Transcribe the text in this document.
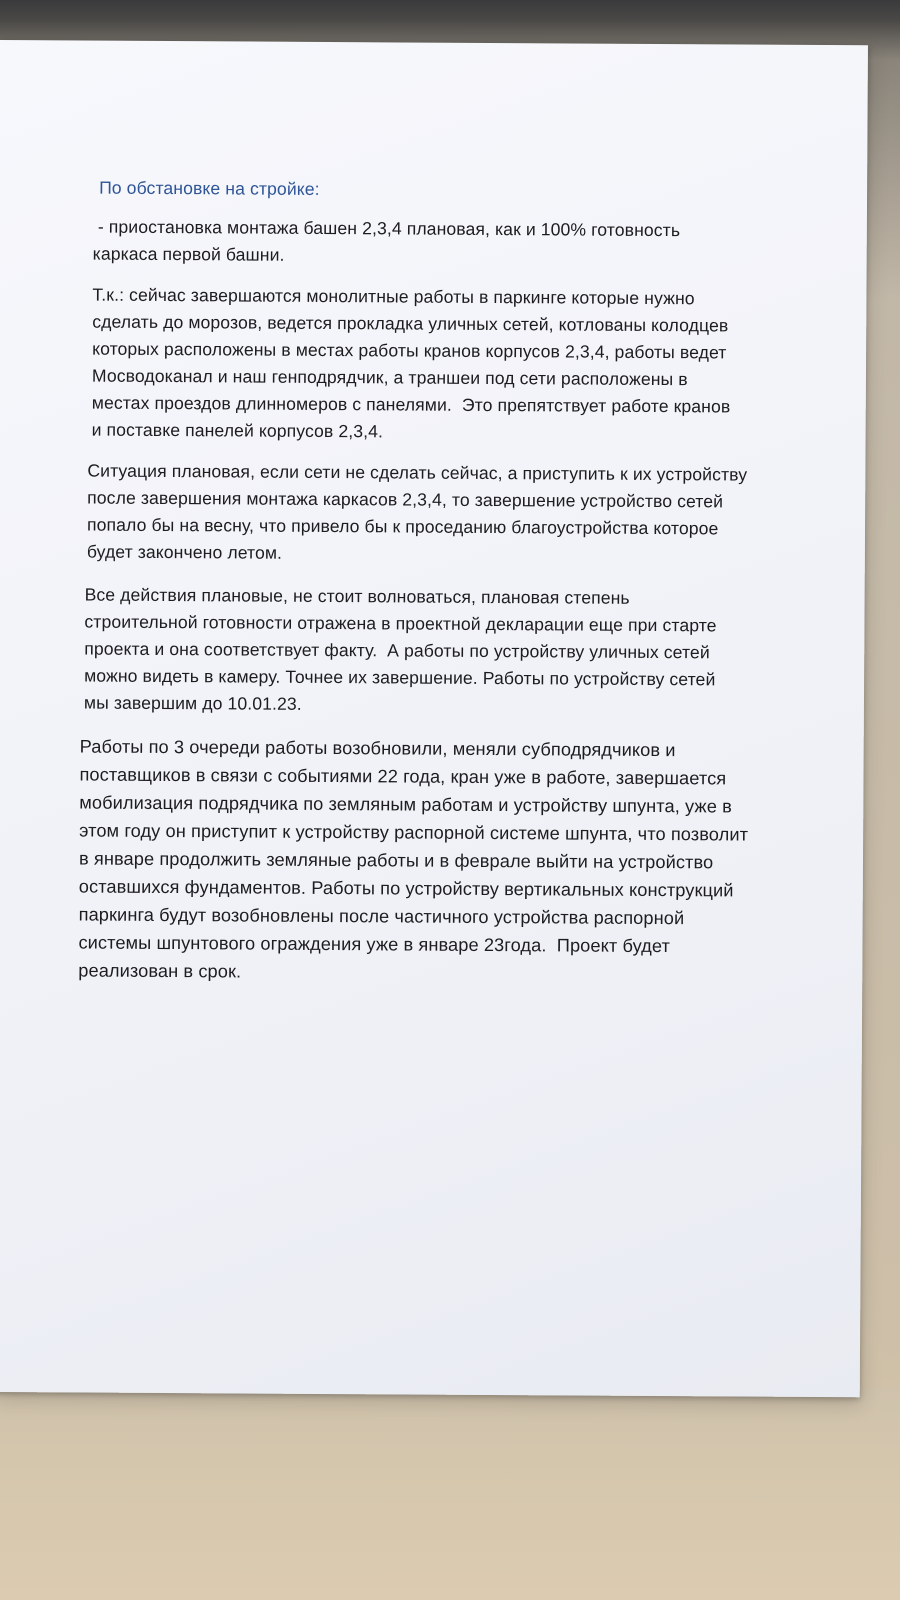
По обстановке на стройке:
- приостановка монтажа башен 2,3,4 плановая, как и 100% готовность
каркаса первой башни.
Т.к.: сейчас завершаются монолитные работы в паркинге которые нужно
сделать до морозов, ведется прокладка уличных сетей, котлованы колодцев
которых расположены в местах работы кранов корпусов 2,3,4, работы ведет
Мосводоканал и наш генподрядчик, а траншеи под сети расположены в
местах проездов длинномеров с панелями.  Это препятствует работе кранов
и поставке панелей корпусов 2,3,4.
Ситуация плановая, если сети не сделать сейчас, а приступить к их устройству
после завершения монтажа каркасов 2,3,4, то завершение устройство сетей
попало бы на весну, что привело бы к проседанию благоустройства которое
будет закончено летом.
Все действия плановые, не стоит волноваться, плановая степень
строительной готовности отражена в проектной декларации еще при старте
проекта и она соответствует факту.  А работы по устройству уличных сетей
можно видеть в камеру. Точнее их завершение. Работы по устройству сетей
мы завершим до 10.01.23.
Работы по 3 очереди работы возобновили, меняли субподрядчиков и
поставщиков в связи с событиями 22 года, кран уже в работе, завершается
мобилизация подрядчика по земляным работам и устройству шпунта, уже в
этом году он приступит к устройству распорной системе шпунта, что позволит
в январе продолжить земляные работы и в феврале выйти на устройство
оставшихся фундаментов. Работы по устройству вертикальных конструкций
паркинга будут возобновлены после частичного устройства распорной
системы шпунтового ограждения уже в январе 23года.  Проект будет
реализован в срок.
